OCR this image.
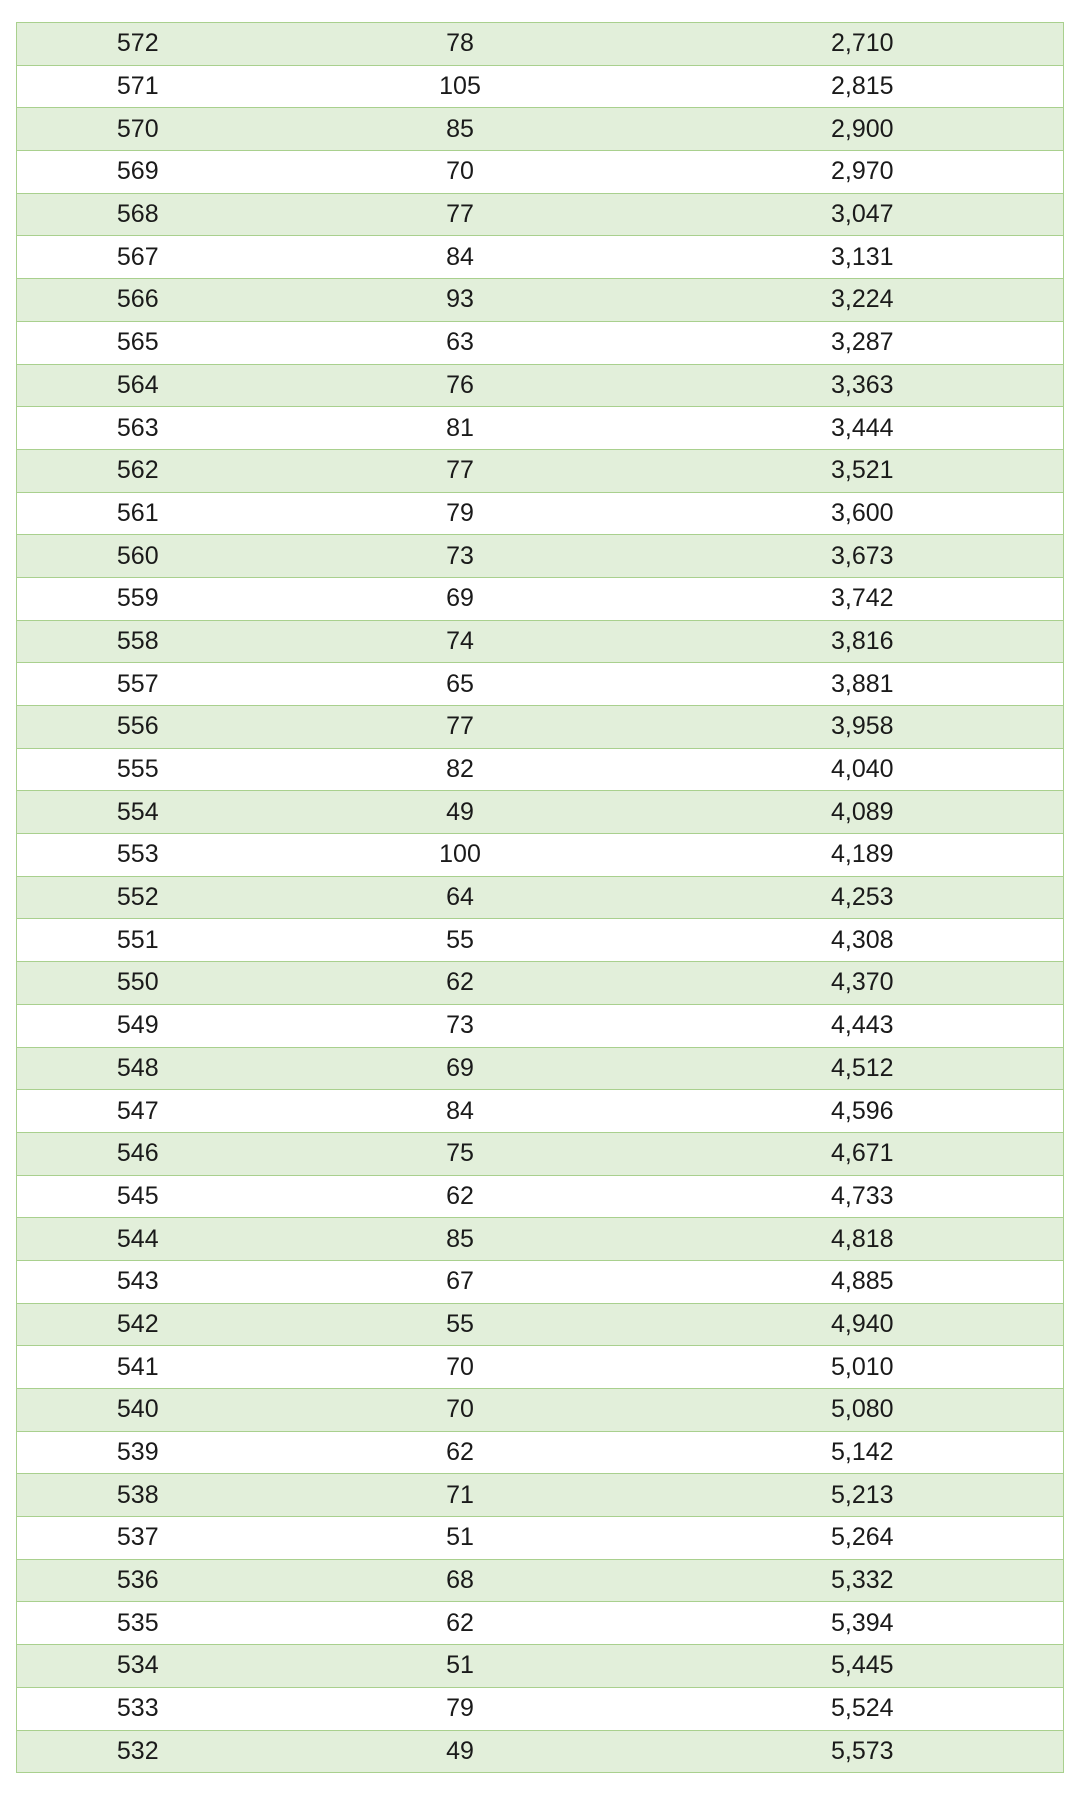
572	78	2,710
571	105	2,815
570	85	2,900
569	70	2,970
568	77	3,047
567	84	3,131
566	93	3,224
565	63	3,287
564	76	3,363
563	81	3,444
562	77	3,521
561	79	3,600
560	73	3,673
559	69	3,742
558	74	3,816
557	65	3,881
556	77	3,958
555	82	4,040
554	49	4,089
553	100	4,189
552	64	4,253
551	55	4,308
550	62	4,370
549	73	4,443
548	69	4,512
547	84	4,596
546	75	4,671
545	62	4,733
544	85	4,818
543	67	4,885
542	55	4,940
541	70	5,010
540	70	5,080
539	62	5,142
538	71	5,213
537	51	5,264
536	68	5,332
535	62	5,394
534	51	5,445
533	79	5,524
532	49	5,573
